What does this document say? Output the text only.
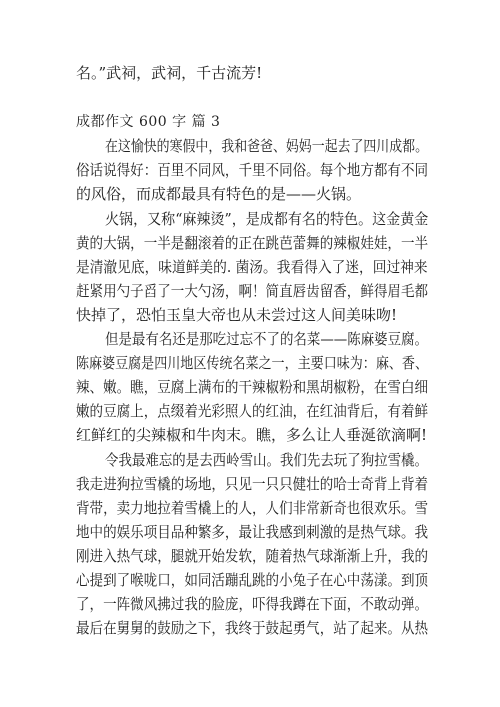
名。”武祠，武祠，千古流芳!
成都作文 600 字 篇 3
在这愉快的寒假中，我和爸爸、妈妈一起去了四川成都。
俗话说得好：百里不同风，千里不同俗。每个地方都有不同
的风俗，而成都最具有特色的是——火锅。
火锅，又称“麻辣烫”，是成都有名的特色。这金黄金
黄的大锅，一半是翻滚着的正在跳芭蕾舞的辣椒娃娃，一半
是清澈见底，味道鲜美的. 菌汤。我看得入了迷，回过神来
赶紧用勺子舀了一大勺汤，啊！简直唇齿留香，鲜得眉毛都
快掉了，恐怕玉皇大帝也从未尝过这人间美味吻!
但是最有名还是那吃过忘不了的名菜——陈麻婆豆腐。
陈麻婆豆腐是四川地区传统名菜之一，主要口味为：麻、香、
辣、嫩。瞧，豆腐上满布的干辣椒粉和黑胡椒粉，在雪白细
嫩的豆腐上，点缀着光彩照人的红油，在红油背后，有着鲜
红鲜红的尖辣椒和牛肉末。瞧，多么让人垂涎欲滴啊!
令我最难忘的是去西岭雪山。我们先去玩了狗拉雪橇。
我走进狗拉雪橇的场地，只见一只只健壮的哈士奇背上背着
背带，卖力地拉着雪橇上的人，人们非常新奇也很欢乐。雪
地中的娱乐项目品种繁多，最让我感到刺激的是热气球。我
刚进入热气球，腿就开始发软，随着热气球渐渐上升，我的
心提到了喉咙口，如同活蹦乱跳的小兔子在心中荡漾。到顶
了，一阵微风拂过我的脸庞，吓得我蹲在下面，不敢动弹。
最后在舅舅的鼓励之下，我终于鼓起勇气，站了起来。从热
